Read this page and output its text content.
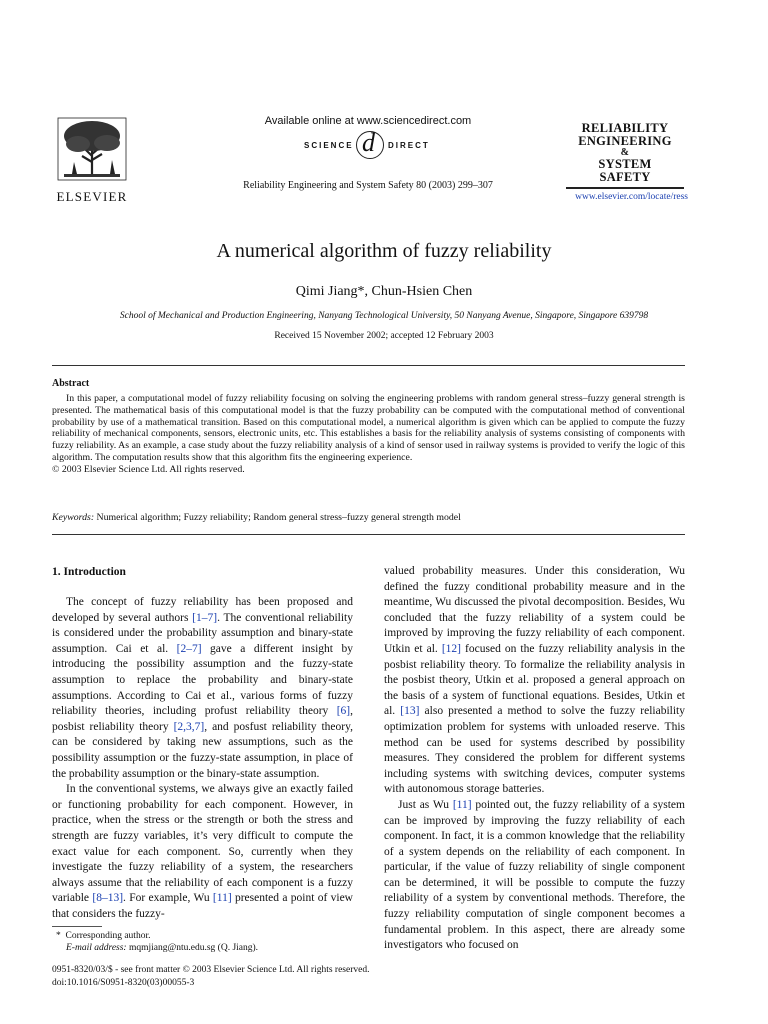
ELSEVIER
Available online at www.sciencedirect.com
SCIENCE d DIRECT
Reliability Engineering and System Safety 80 (2003) 299–307
RELIABILITY
ENGINEERING
&
SYSTEM
SAFETY
www.elsevier.com/locate/ress
A numerical algorithm of fuzzy reliability
Qimi Jiang*, Chun-Hsien Chen
School of Mechanical and Production Engineering, Nanyang Technological University, 50 Nanyang Avenue, Singapore, Singapore 639798
Received 15 November 2002; accepted 12 February 2003
Abstract

In this paper, a computational model of fuzzy reliability focusing on solving the engineering problems with random general stress–fuzzy general strength is presented. The mathematical basis of this computational model is that the fuzzy probability can be computed with the computational method of conventional probability by use of a mathematical transition. Based on this computational model, a numerical algorithm is given which can be applied to compute the fuzzy reliability of mechanical components, sensors, electronic units, etc. This establishes a basis for the reliability analysis of systems consisting of components with fuzzy reliability. As an example, a case study about the fuzzy reliability analysis of a kind of sensor used in railway systems is provided to verify the logic of this algorithm. The computation results show that this algorithm fits the engineering experience.

© 2003 Elsevier Science Ltd. All rights reserved.
Keywords: Numerical algorithm; Fuzzy reliability; Random general stress–fuzzy general strength model
1. Introduction

The concept of fuzzy reliability has been proposed and developed by several authors [1–7]. The conventional reliability is considered under the probability assumption and binary-state assumption. Cai et al. [2–7] gave a different insight by introducing the possibility assumption and the fuzzy-state assumption to replace the probability and binary-state assumptions. According to Cai et al., various forms of fuzzy reliability theories, including profust reliability theory [6], posbist reliability theory [2,3,7], and posfust reliability theory, can be considered by taking new assumptions, such as the possibility assumption or the fuzzy-state assumption, in place of the probability assumption or the binary-state assumption.

In the conventional systems, we always give an exactly failed or functioning probability for each component. However, in practice, when the stress or the strength or both the stress and strength are fuzzy variables, it’s very difficult to compute the exact value for each component. So, currently when they investigate the fuzzy reliability of a system, the researchers always assume that the reliability of each component is a fuzzy variable [8–13]. For example, Wu [11] presented a point of view that considers the fuzzy-

* Corresponding author.
E-mail address: mqmjiang@ntu.edu.sg (Q. Jiang).

valued probability measures. Under this consideration, Wu defined the fuzzy conditional probability measure and in the meantime, Wu discussed the pivotal decomposition. Besides, Wu concluded that the fuzzy reliability of a system could be improved by improving the fuzzy reliability of each component. Utkin et al. [12] focused on the fuzzy reliability analysis in the posbist reliability theory. To formalize the reliability analysis in the posbist theory, Utkin et al. proposed a general approach on the basis of a system of functional equations. Besides, Utkin et al. [13] also presented a method to solve the fuzzy reliability optimization problem for systems with unloaded reserve. This method can be used for systems described by possibility measures. They considered the problem for different systems including systems with switching devices, computer systems with autonomous storage batteries.

Just as Wu [11] pointed out, the fuzzy reliability of a system can be improved by improving the fuzzy reliability of each component. In fact, it is a common knowledge that the reliability of a system depends on the reliability of each component. In particular, if the value of fuzzy reliability of single component can be determined, it will be possible to compute the fuzzy reliability of a system by conventional methods. Therefore, the fuzzy reliability computation of single component becomes a fundamental problem. In this aspect, there are already some investigators who focused on

0951-8320/03/$ - see front matter © 2003 Elsevier Science Ltd. All rights reserved.
doi:10.1016/S0951-8320(03)00055-3
